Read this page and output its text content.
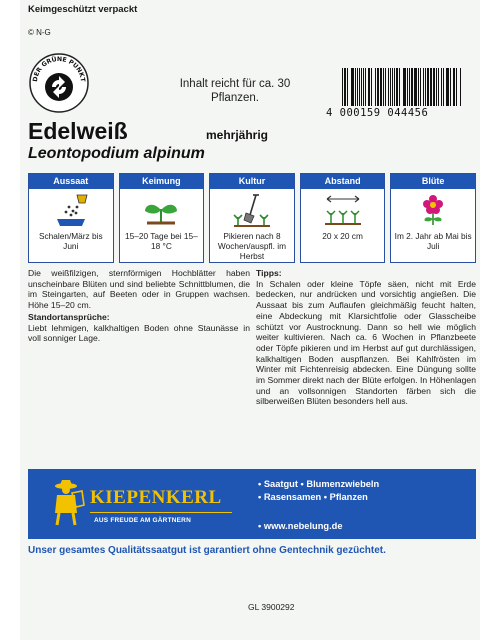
Keimgeschützt verpackt
© N-G
DER GRÜNE PUNKT	Inhalt reicht für ca. 30 Pflanzen.
4 000159 044456
Edelweiß	mehrjährig
Leontopodium alpinum
Aussaat
Schalen/März bis Juni
Keimung
15–20 Tage bei 15–18 °C
Kultur
Pikieren nach 8 Wochen/auspfl. im Herbst
Abstand
20 x 20 cm
Blüte
Im 2. Jahr ab Mai bis Juli

Die weißfilzigen, sternförmigen Hochblätter haben unscheinbare Blüten und sind beliebte Schnittblumen, die im Steingarten, auf Beeten oder in Gruppen wachsen. Höhe 15–20 cm.

Standortansprüche:

Liebt lehmigen, kalkhaltigen Boden ohne Staunässe in voll sonniger Lage.

Tipps:

In Schalen oder kleine Töpfe säen, nicht mit Erde bedecken, nur andrücken und vorsichtig angießen. Die Aussaat bis zum Auflaufen gleichmäßig feucht halten, eine Abdeckung mit Klarsichtfolie oder Glasscheibe schützt vor Austrocknung. Dann so hell wie möglich weiter kultivieren. Nach ca. 6 Wochen in Pflanzbeete oder Töpfe pikieren und im Herbst auf gut durchlässigen, kalkhaltigen Boden auspflanzen. Bei Kahlfrösten im Winter mit Fichtenreisig abdecken. Eine Düngung sollte im Sommer direkt nach der Blüte erfolgen. In Höhenlagen und an vollsonnigen Standorten färben sich die silberweißen Blüten besonders hell aus.

KIEPENKERL
AUS FREUDE AM GÄRTNERN
• Saatgut • Blumenzwiebeln
• Rasensamen • Pflanzen
• www.nebelung.de
Unser gesamtes Qualitätssaatgut ist garantiert ohne Gentechnik gezüchtet.
GL 3900292
